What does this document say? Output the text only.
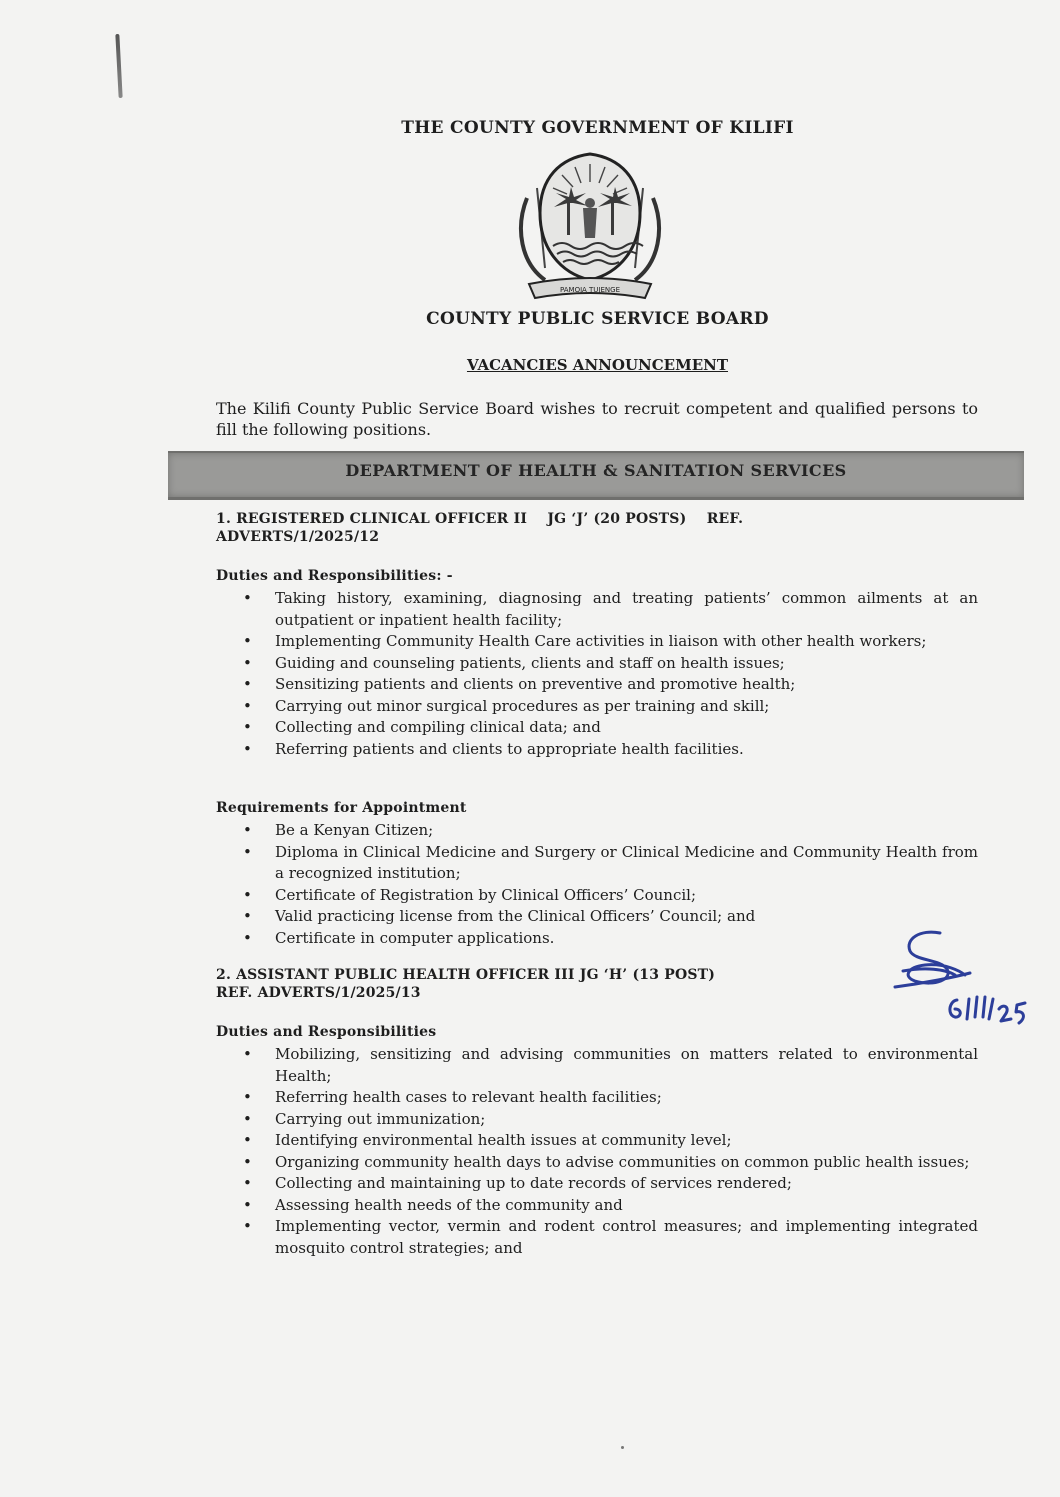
THE COUNTY GOVERNMENT OF KILIFI
PAMOJA TUJENGE
COUNTY PUBLIC SERVICE BOARD
VACANCIES ANNOUNCEMENT
The Kilifi County Public Service Board wishes to recruit competent and qualified persons to fill the following positions.
DEPARTMENT OF HEALTH & SANITATION SERVICES
1. REGISTERED CLINICAL OFFICER II    JG ‘J’ (20 POSTS)    REF.
ADVERTS/1/2025/12
Duties and Responsibilities: -
• Taking history, examining, diagnosing and treating patients’ common ailments at an outpatient or inpatient health facility;
• Implementing Community Health Care activities in liaison with other health workers;
• Guiding and counseling patients, clients and staff on health issues;
• Sensitizing patients and clients on preventive and promotive health;
• Carrying out minor surgical procedures as per training and skill;
• Collecting and compiling clinical data; and
• Referring patients and clients to appropriate health facilities.
Requirements for Appointment
• Be a Kenyan Citizen;
• Diploma in Clinical Medicine and Surgery or Clinical Medicine and Community Health from a recognized institution;
• Certificate of Registration by Clinical Officers’ Council;
• Valid practicing license from the Clinical Officers’ Council; and
• Certificate in computer applications.
2. ASSISTANT PUBLIC HEALTH OFFICER III JG ‘H’ (13 POST)
REF. ADVERTS/1/2025/13
Duties and Responsibilities
• Mobilizing, sensitizing and advising communities on matters related to environmental Health;
• Referring health cases to relevant health facilities;
• Carrying out immunization;
• Identifying environmental health issues at community level;
• Organizing community health days to advise communities on common public health issues;
• Collecting and maintaining up to date records of services rendered;
• Assessing health needs of the community and
• Implementing vector, vermin and rodent control measures; and implementing integrated mosquito control strategies; and
6/11/25
